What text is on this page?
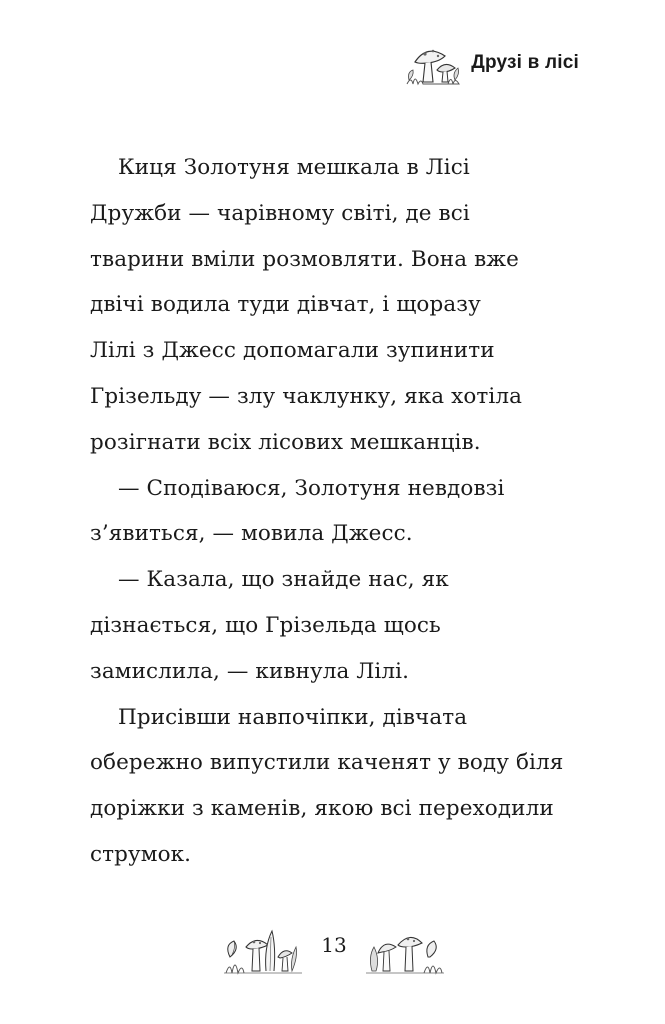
Друзі в лісі
Киця Золотуня мешкала в Лісі
Дружби — чарівному світі, де всі
тварини вміли розмовляти. Вона вже
двічі водила туди дівчат, і щоразу
Лілі з Джесс допомагали зупинити
Грізельду — злу чаклунку, яка хотіла
розігнати всіх лісових мешканців.
— Сподіваюся, Золотуня невдовзі
з’явиться, — мовила Джесс.
— Казала, що знайде нас, як
дізнається, що Грізельда щось
замислила, — кивнула Лілі.
Присівши навпочіпки, дівчата
обережно випустили каченят у воду біля
доріжки з каменів, якою всі переходили
струмок.
13
